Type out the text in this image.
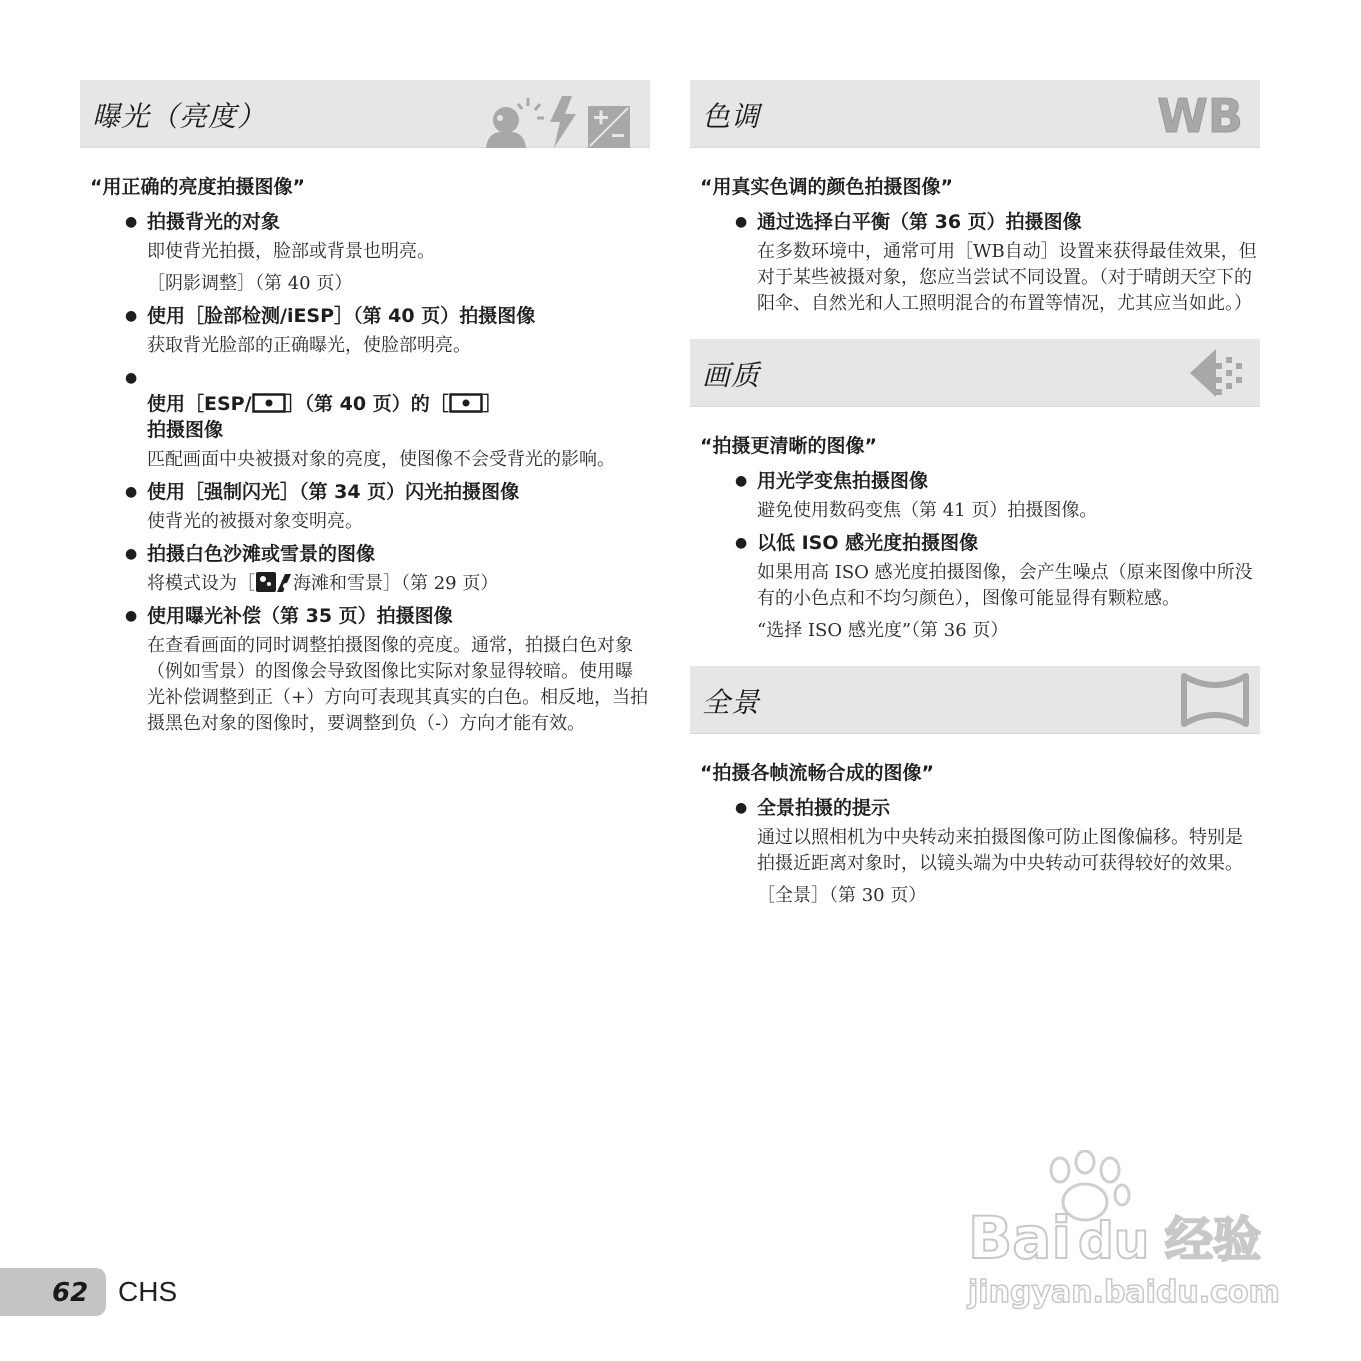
曝光（亮度）
“用正确的亮度拍摄图像”
● 拍摄背光的对象
即使背光拍摄，脸部或背景也明亮。
［阴影调整］（第 40 页）
● 使用［脸部检测/iESP］（第 40 页）拍摄图像
获取背光脸部的正确曝光，使脸部明亮。
●

使用［ESP/ ］（第 40 页）的［ ］
拍摄图像

匹配画面中央被摄对象的亮度，使图像不会受背光的影响。
● 使用［强制闪光］（第 34 页）闪光拍摄图像
使背光的被摄对象变明亮。
● 拍摄白色沙滩或雪景的图像
将模式设为［ 海滩和雪景］（第 29 页）
● 使用曝光补偿（第 35 页）拍摄图像
在查看画面的同时调整拍摄图像的亮度。通常，拍摄白色对象（例如雪景）的图像会导致图像比实际对象显得较暗。使用曝光补偿调整到正（+）方向可表现其真实的白色。相反地，当拍摄黑色对象的图像时，要调整到负（-）方向才能有效。
色调	WB
“用真实色调的颜色拍摄图像”
● 通过选择白平衡（第 36 页）拍摄图像
在多数环境中，通常可用［WB自动］设置来获得最佳效果，但对于某些被摄对象，您应当尝试不同设置。（对于晴朗天空下的阳伞、自然光和人工照明混合的布置等情况，尤其应当如此。）
画质
“拍摄更清晰的图像”
● 用光学变焦拍摄图像
避免使用数码变焦（第 41 页）拍摄图像。
● 以低 ISO 感光度拍摄图像
如果用高 ISO 感光度拍摄图像，会产生噪点（原来图像中所没有的小色点和不均匀颜色），图像可能显得有颗粒感。
“选择 ISO 感光度”（第 36 页）
全景
“拍摄各帧流畅合成的图像”
● 全景拍摄的提示
通过以照相机为中央转动来拍摄图像可防止图像偏移。特别是拍摄近距离对象时，以镜头端为中央转动可获得较好的效果。
［全景］（第 30 页）
Bai du 经验
jingyan.baidu.com
62 CHS
